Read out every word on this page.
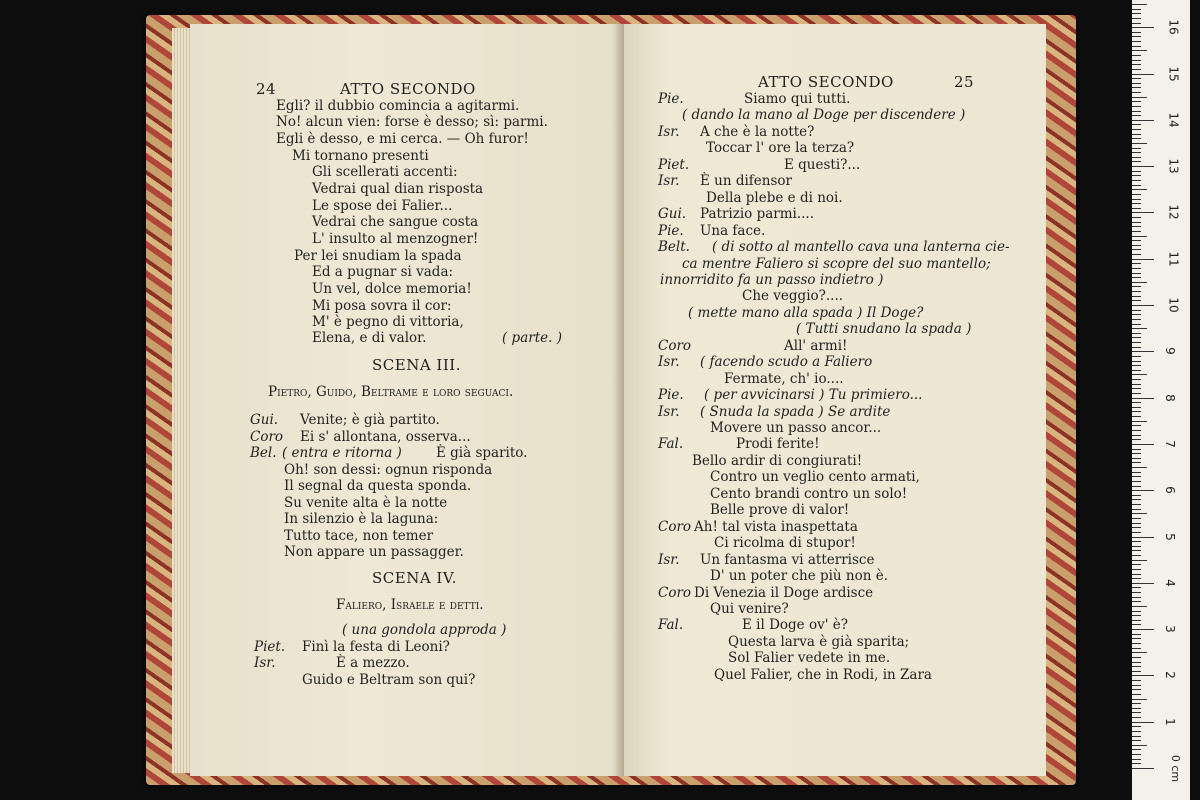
24	ATTO SECONDO
Egli? il dubbio comincia a agitarmi.
No! alcun vien: forse è desso; sì: parmi.
Egli è desso, e mi cerca. — Oh furor!
Mi tornano presenti
Gli scellerati accenti:
Vedrai qual dian risposta
Le spose dei Falier...
Vedrai che sangue costa
L' insulto al menzogner!
Per lei snudiam la spada
Ed a pugnar si vada:
Un vel, dolce memoria!
Mi posa sovra il cor:
M' è pegno di vittoria,
Elena, e di valor.	( parte. )
SCENA III.
Pietro, Guido, Beltrame e loro seguaci.
Gui. Venite; è già partito.
Coro Ei s' allontana, osserva...
Bel. ( entra e ritorna )	È già sparito.
Oh! son dessi: ognun risponda
Il segnal da questa sponda.
Su venite alta è la notte
In silenzio è la laguna:
Tutto tace, non temer
Non appare un passagger.
SCENA IV.
Faliero, Israele e detti.
( una gondola approda )
Piet. Finì la festa di Leoni?
Isr.	È a mezzo.
Guido e Beltram son qui?
ATTO SECONDO	25
Pie.	Siamo qui tutti.
( dando la mano al Doge per discendere )
Isr. A che è la notte?
Toccar l' ore la terza?
Piet.	E questi?...
Isr. È un difensor
Della plebe e di noi.
Gui. Patrizio parmi....
Pie. Una face.
Belt. ( di sotto al mantello cava una lanterna cie-
ca mentre Faliero si scopre del suo mantello;
innorridito fa un passo indietro )
Che veggio?....
( mette mano alla spada ) Il Doge?
( Tutti snudano la spada )
Coro	All' armi!
Isr. ( facendo scudo a Faliero
Fermate, ch' io....
Pie. ( per avvicinarsi ) Tu primiero...
Isr. ( Snuda la spada ) Se ardite
Movere un passo ancor...
Fal.	Prodi ferite!
Bello ardir di congiurati!
Contro un veglio cento armati,
Cento brandi contro un solo!
Belle prove di valor!
Coro Ah! tal vista inaspettata
Ci ricolma di stupor!
Isr. Un fantasma vi atterrisce
D' un poter che più non è.
Coro Di Venezia il Doge ardisce
Qui venire?
Fal.	E il Doge ov' è?
Questa larva è già sparita;
Sol Falier vedete in me.
Quel Falier, che in Rodi, in Zara
16
15
14
13
12
11
10
9
8
7
6
5
4
3
2
1
0 cm
